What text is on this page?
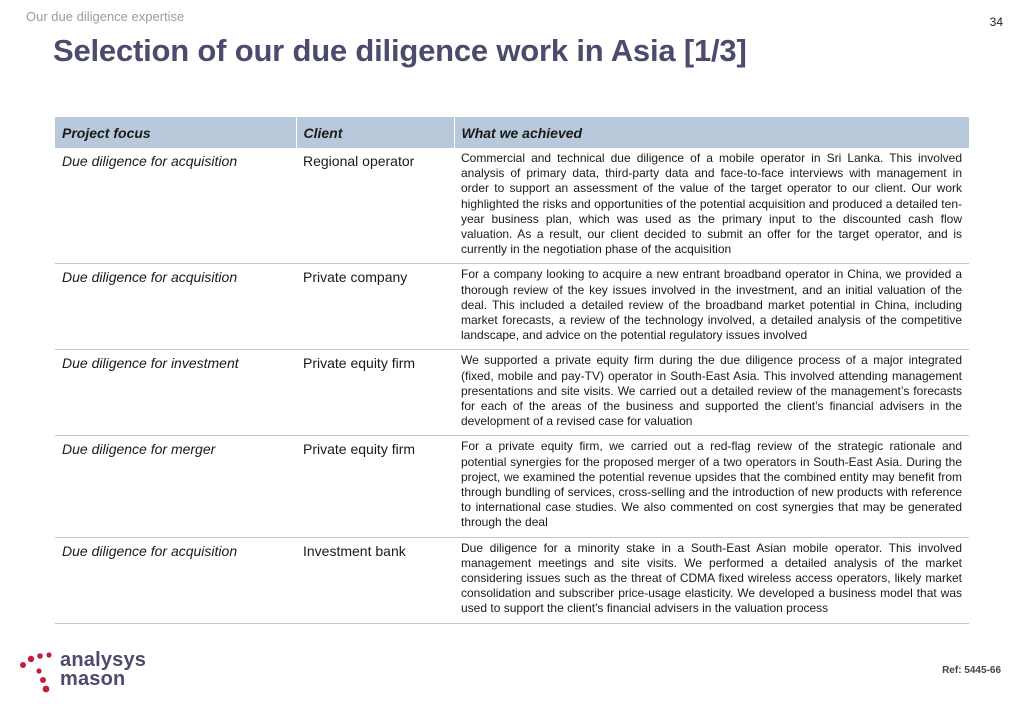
Our due diligence expertise	34
Selection of our due diligence work in Asia [1/3]
Project focus	Client	What we achieved
Due diligence for acquisition	Regional operator	Commercial and technical due diligence of a mobile operator in Sri Lanka. This involved analysis of primary data, third-party data and face-to-face interviews with management in order to support an assessment of the value of the target operator to our client. Our work highlighted the risks and opportunities of the potential acquisition and produced a detailed ten-year business plan, which was used as the primary input to the discounted cash flow valuation. As a result, our client decided to submit an offer for the target operator, and is currently in the negotiation phase of the acquisition
Due diligence for acquisition	Private company	For a company looking to acquire a new entrant broadband operator in China, we provided a thorough review of the key issues involved in the investment, and an initial valuation of the deal. This included a detailed review of the broadband market potential in China, including market forecasts, a review of the technology involved, a detailed analysis of the competitive landscape, and advice on the potential regulatory issues involved
Due diligence for investment	Private equity firm	We supported a private equity firm during the due diligence process of a major integrated (fixed, mobile and pay-TV) operator in South-East Asia. This involved attending management presentations and site visits. We carried out a detailed review of the management’s forecasts for each of the areas of the business and supported the client’s financial advisers in the development of a revised case for valuation
Due diligence for merger	Private equity firm	For a private equity firm, we carried out a red-flag review of the strategic rationale and potential synergies for the proposed merger of a two operators in South-East Asia. During the project, we examined the potential revenue upsides that the combined entity may benefit from through bundling of services, cross-selling and the introduction of new products with reference to international case studies. We also commented on cost synergies that may be generated through the deal
Due diligence for acquisition	Investment bank	Due diligence for a minority stake in a South-East Asian mobile operator. This involved management meetings and site visits. We performed a detailed analysis of the market considering issues such as the threat of CDMA fixed wireless access operators, likely market consolidation and subscriber price-usage elasticity. We developed a business model that was used to support the client's financial advisers in the valuation process
analysys
mason	Ref: 5445-66
